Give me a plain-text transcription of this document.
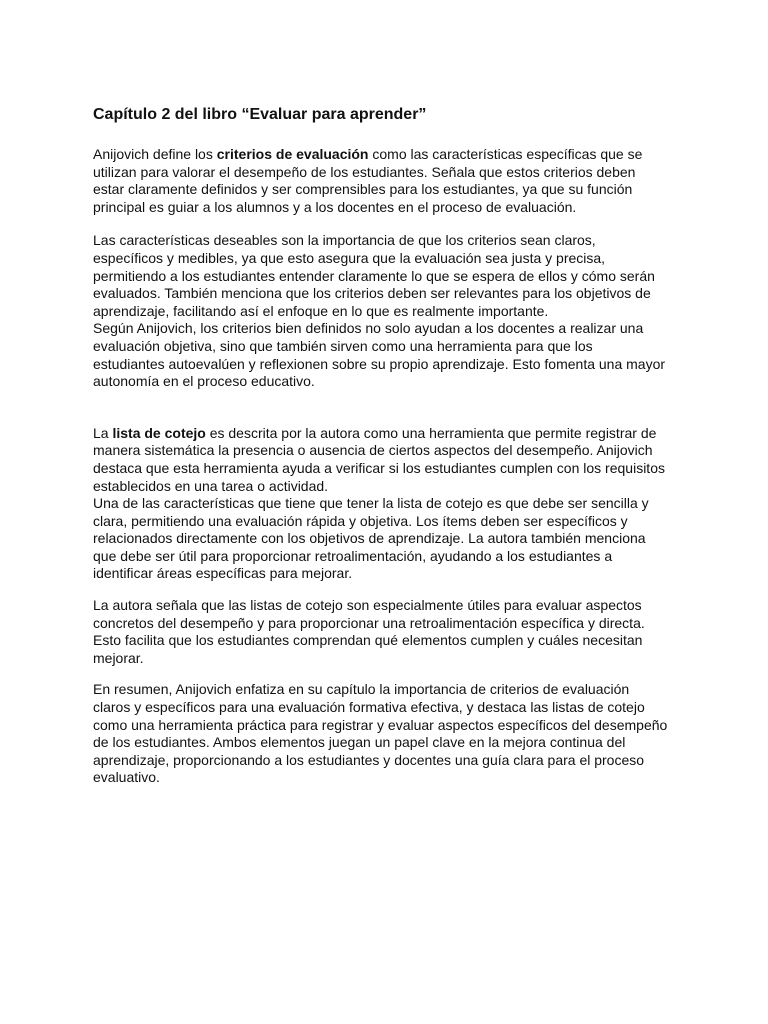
Capítulo 2 del libro “Evaluar para aprender”
Anijovich define los criterios de evaluación como las características específicas que se
utilizan para valorar el desempeño de los estudiantes. Señala que estos criterios deben
estar claramente definidos y ser comprensibles para los estudiantes, ya que su función
principal es guiar a los alumnos y a los docentes en el proceso de evaluación.
Las características deseables son la importancia de que los criterios sean claros,
específicos y medibles, ya que esto asegura que la evaluación sea justa y precisa,
permitiendo a los estudiantes entender claramente lo que se espera de ellos y cómo serán
evaluados. También menciona que los criterios deben ser relevantes para los objetivos de
aprendizaje, facilitando así el enfoque en lo que es realmente importante.
Según Anijovich, los criterios bien definidos no solo ayudan a los docentes a realizar una
evaluación objetiva, sino que también sirven como una herramienta para que los
estudiantes autoevalúen y reflexionen sobre su propio aprendizaje. Esto fomenta una mayor
autonomía en el proceso educativo.
La lista de cotejo es descrita por la autora como una herramienta que permite registrar de
manera sistemática la presencia o ausencia de ciertos aspectos del desempeño. Anijovich
destaca que esta herramienta ayuda a verificar si los estudiantes cumplen con los requisitos
establecidos en una tarea o actividad.
Una de las características que tiene que tener la lista de cotejo es que debe ser sencilla y
clara, permitiendo una evaluación rápida y objetiva. Los ítems deben ser específicos y
relacionados directamente con los objetivos de aprendizaje. La autora también menciona
que debe ser útil para proporcionar retroalimentación, ayudando a los estudiantes a
identificar áreas específicas para mejorar.
La autora señala que las listas de cotejo son especialmente útiles para evaluar aspectos
concretos del desempeño y para proporcionar una retroalimentación específica y directa.
Esto facilita que los estudiantes comprendan qué elementos cumplen y cuáles necesitan
mejorar.
En resumen, Anijovich enfatiza en su capítulo la importancia de criterios de evaluación
claros y específicos para una evaluación formativa efectiva, y destaca las listas de cotejo
como una herramienta práctica para registrar y evaluar aspectos específicos del desempeño
de los estudiantes. Ambos elementos juegan un papel clave en la mejora continua del
aprendizaje, proporcionando a los estudiantes y docentes una guía clara para el proceso
evaluativo.
